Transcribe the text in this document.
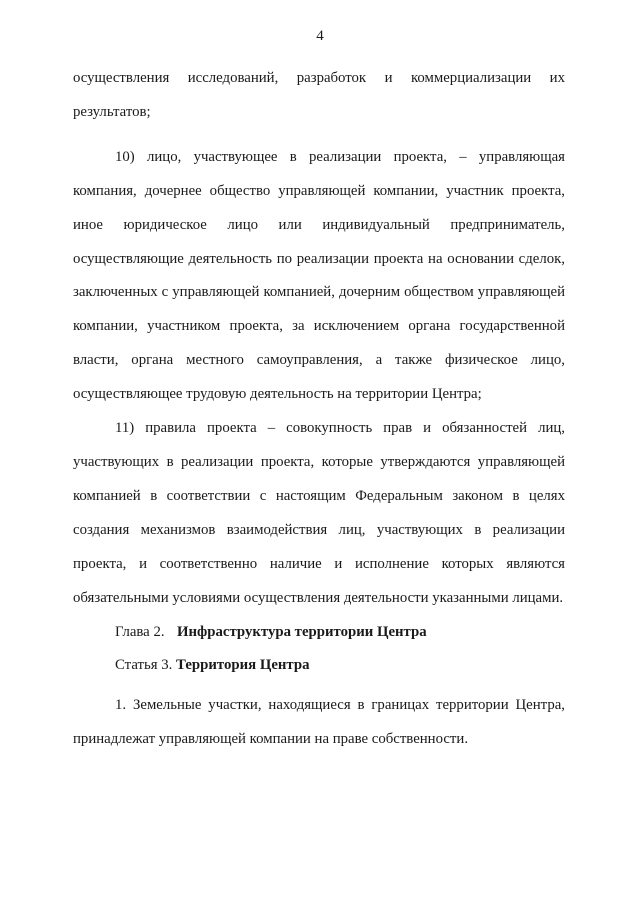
4

осуществления исследований, разработок и коммерциализации их результатов;

10) лицо, участвующее в реализации проекта, – управляющая компания, дочернее общество управляющей компании, участник проекта, иное юридическое лицо или индивидуальный предприниматель, осуществляющие деятельность по реализации проекта на основании сделок, заключенных с управляющей компанией, дочерним обществом управляющей компании, участником проекта, за исключением органа государственной власти, органа местного самоуправления, а также физическое лицо, осуществляющее трудовую деятельность на территории Центра;

11) правила проекта – совокупность прав и обязанностей лиц, участвующих в реализации проекта, которые утверждаются управляющей компанией в соответствии с настоящим Федеральным законом в целях создания механизмов взаимодействия лиц, участвующих в реализации проекта, и соответственно наличие и исполнение которых являются обязательными условиями осуществления деятельности указанными лицами.

Глава 2. Инфраструктура территории Центра

Статья 3. Территория Центра

1. Земельные участки, находящиеся в границах территории Центра, принадлежат управляющей компании на праве собственности.
